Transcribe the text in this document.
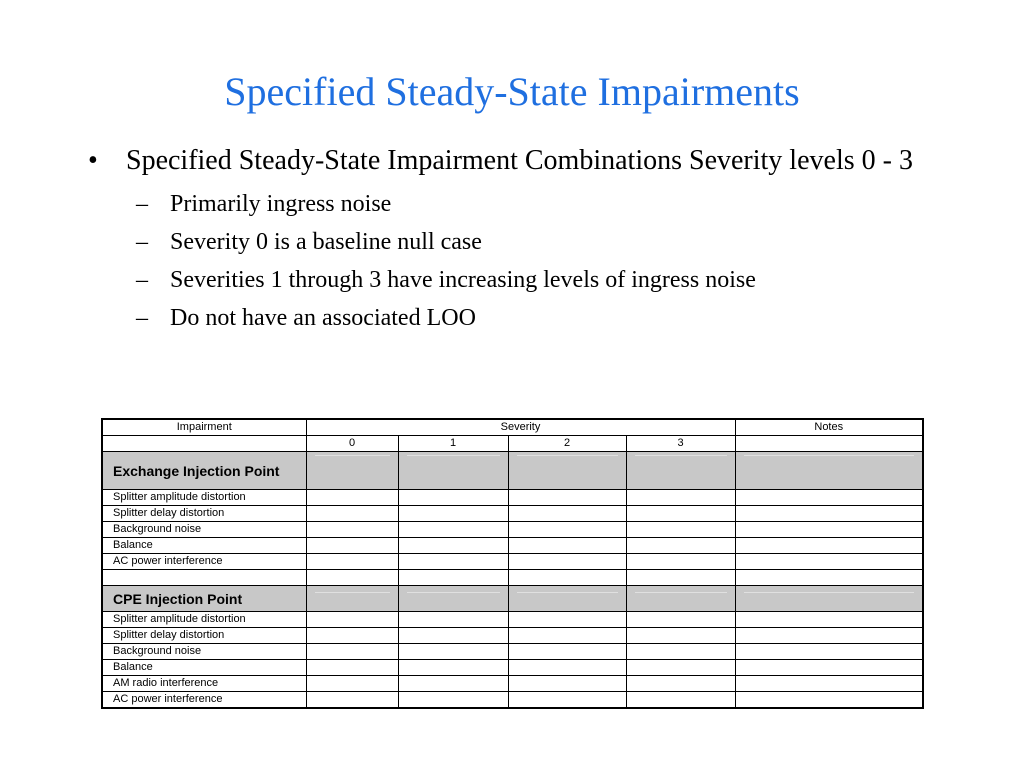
Specified Steady-State Impairments
• Specified Steady-State Impairment Combinations Severity levels 0 - 3
– Primarily ingress noise
– Severity 0 is a baseline null case
– Severities 1 through 3 have increasing levels of ingress noise
– Do not have an associated LOO
Impairment	Severity				Notes
	0	1	2	3	
Exchange Injection Point	

Splitter amplitude distortion					
Splitter delay distortion					
Background noise					
Balance					
AC power interference					

CPE Injection Point	

Splitter amplitude distortion					
Splitter delay distortion					
Background noise					
Balance					
AM radio interference					
AC power interference					
